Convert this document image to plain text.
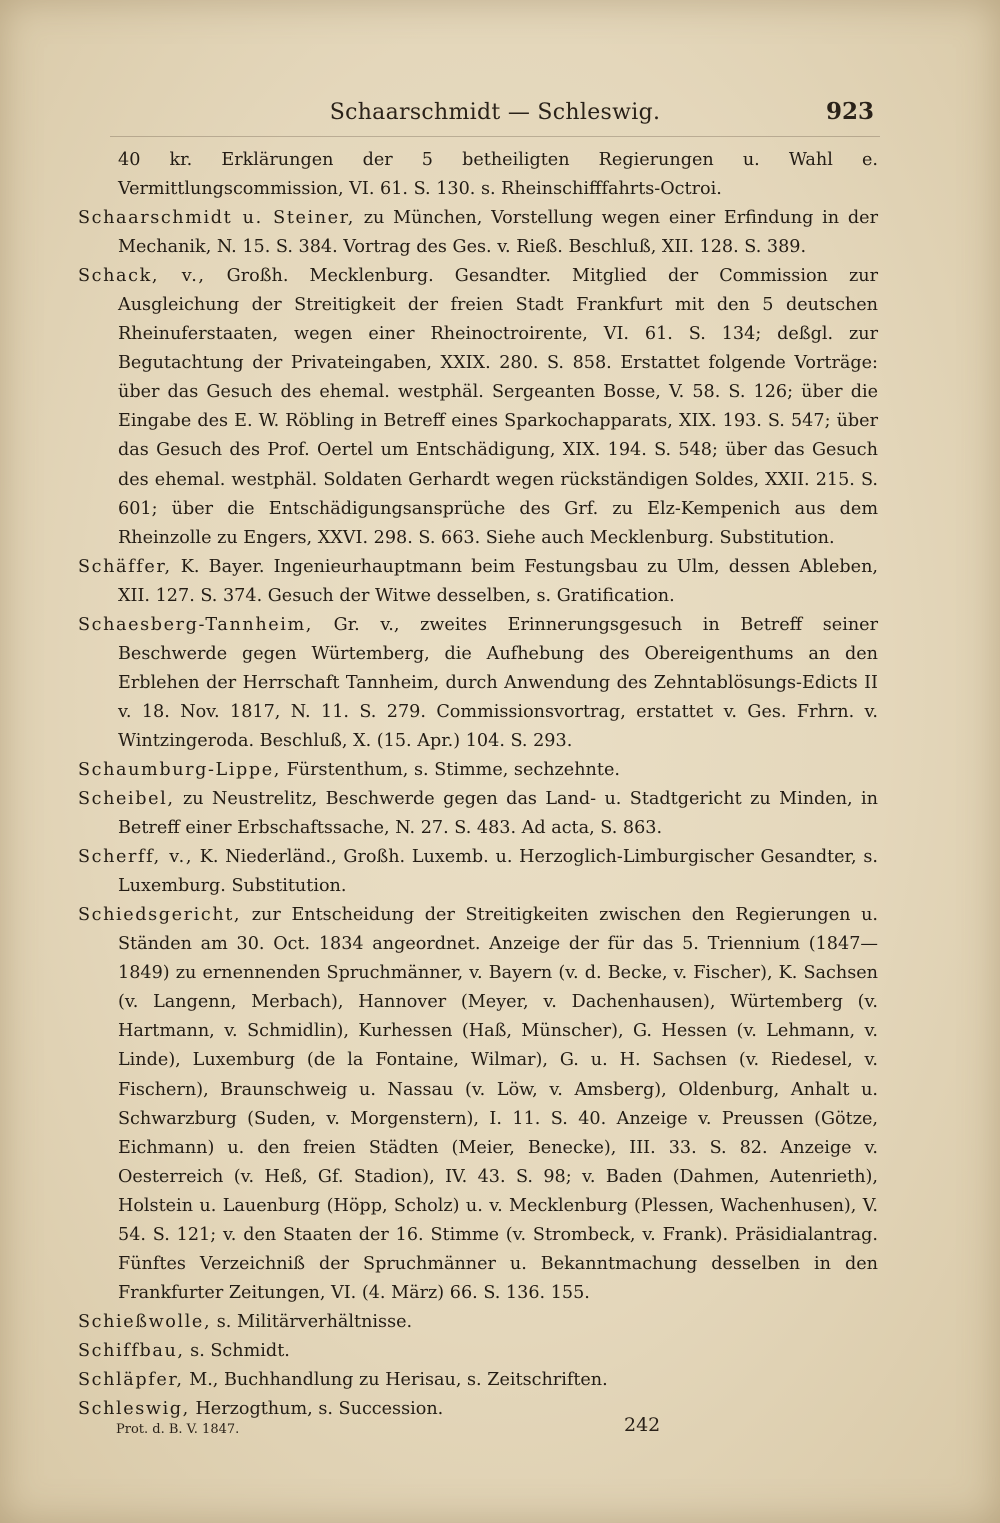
Schaarschmidt — Schleswig.	923

40 kr. Erklärungen der 5 betheiligten Regierungen u. Wahl e. Vermittlungscommission, VI. 61. S. 130. s. Rheinschifffahrts-Octroi.

Schaarschmidt u. Steiner, zu München, Vorstellung wegen einer Erfindung in der Mechanik, N. 15. S. 384. Vortrag des Ges. v. Rieß. Beschluß, XII. 128. S. 389.

Schack, v., Großh. Mecklenburg. Gesandter. Mitglied der Commission zur Ausgleichung der Streitigkeit der freien Stadt Frankfurt mit den 5 deutschen Rheinuferstaaten, wegen einer Rheinoctroirente, VI. 61. S. 134; deßgl. zur Begutachtung der Privateingaben, XXIX. 280. S. 858. Erstattet folgende Vorträge: über das Gesuch des ehemal. westphäl. Sergeanten Bosse, V. 58. S. 126; über die Eingabe des E. W. Röbling in Betreff eines Sparkochapparats, XIX. 193. S. 547; über das Gesuch des Prof. Oertel um Entschädigung, XIX. 194. S. 548; über das Gesuch des ehemal. westphäl. Soldaten Gerhardt wegen rückständigen Soldes, XXII. 215. S. 601; über die Entschädigungsansprüche des Grf. zu Elz-Kempenich aus dem Rheinzolle zu Engers, XXVI. 298. S. 663. Siehe auch Mecklenburg. Substitution.

Schäffer, K. Bayer. Ingenieurhauptmann beim Festungsbau zu Ulm, dessen Ableben, XII. 127. S. 374. Gesuch der Witwe desselben, s. Gratification.

Schaesberg-Tannheim, Gr. v., zweites Erinnerungsgesuch in Betreff seiner Beschwerde gegen Würtemberg, die Aufhebung des Obereigenthums an den Erblehen der Herrschaft Tannheim, durch Anwendung des Zehntablösungs-Edicts II v. 18. Nov. 1817, N. 11. S. 279. Commissionsvortrag, erstattet v. Ges. Frhrn. v. Wintzingeroda. Beschluß, X. (15. Apr.) 104. S. 293.

Schaumburg-Lippe, Fürstenthum, s. Stimme, sechzehnte.

Scheibel, zu Neustrelitz, Beschwerde gegen das Land- u. Stadtgericht zu Minden, in Betreff einer Erbschaftssache, N. 27. S. 483. Ad acta, S. 863.

Scherff, v., K. Niederländ., Großh. Luxemb. u. Herzoglich-Limburgischer Gesandter, s. Luxemburg. Substitution.

Schiedsgericht, zur Entscheidung der Streitigkeiten zwischen den Regierungen u. Ständen am 30. Oct. 1834 angeordnet. Anzeige der für das 5. Triennium (1847—1849) zu ernennenden Spruchmänner, v. Bayern (v. d. Becke, v. Fischer), K. Sachsen (v. Langenn, Merbach), Hannover (Meyer, v. Dachenhausen), Würtemberg (v. Hartmann, v. Schmidlin), Kurhessen (Haß, Münscher), G. Hessen (v. Lehmann, v. Linde), Luxemburg (de la Fontaine, Wilmar), G. u. H. Sachsen (v. Riedesel, v. Fischern), Braunschweig u. Nassau (v. Löw, v. Amsberg), Oldenburg, Anhalt u. Schwarzburg (Suden, v. Morgenstern), I. 11. S. 40. Anzeige v. Preussen (Götze, Eichmann) u. den freien Städten (Meier, Benecke), III. 33. S. 82. Anzeige v. Oesterreich (v. Heß, Gf. Stadion), IV. 43. S. 98; v. Baden (Dahmen, Autenrieth), Holstein u. Lauenburg (Höpp, Scholz) u. v. Mecklenburg (Plessen, Wachenhusen), V. 54. S. 121; v. den Staaten der 16. Stimme (v. Strombeck, v. Frank). Präsidialantrag. Fünftes Verzeichniß der Spruchmänner u. Bekanntmachung desselben in den Frankfurter Zeitungen, VI. (4. März) 66. S. 136. 155.

Schießwolle, s. Militärverhältnisse.

Schiffbau, s. Schmidt.

Schläpfer, M., Buchhandlung zu Herisau, s. Zeitschriften.

Schleswig, Herzogthum, s. Succession.

Prot. d. B. V. 1847.	242
